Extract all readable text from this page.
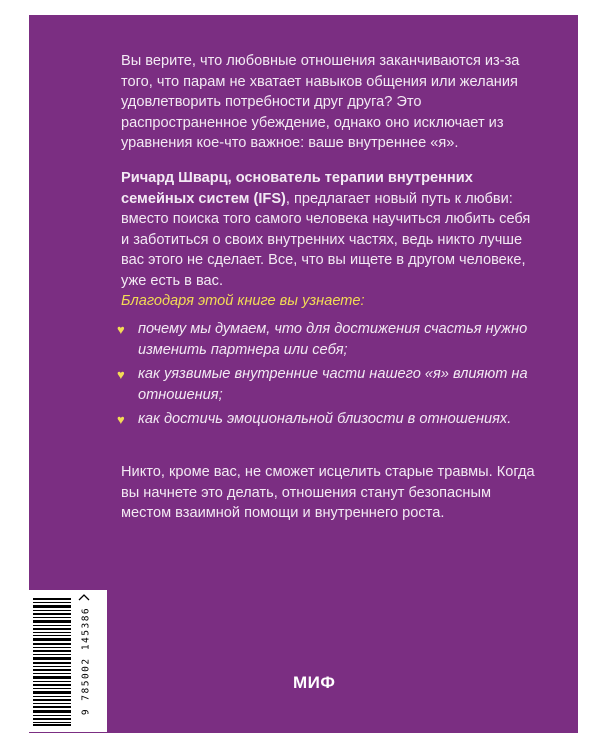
Вы верите, что любовные отношения заканчиваются из-за того, что парам не хватает навыков общения или желания удовлетворить потребности друг друга? Это распространенное убеждение, однако оно исключает из уравнения кое-что важное: ваше внутреннее «я».

Ричард Шварц, основатель терапии внутренних семейных систем (IFS), предлагает новый путь к любви: вместо поиска того самого человека научиться любить себя и заботиться о своих внутренних частях, ведь никто лучше вас этого не сделает. Все, что вы ищете в другом человеке, уже есть в вас.

Благодаря этой книге вы узнаете:

♥ почему мы думаем, что для достижения счастья нужно изменить партнера или себя;
♥ как уязвимые внутренние части нашего «я» влияют на отношения;
♥ как достичь эмоциональной близости в отношениях.

Никто, кроме вас, не сможет исцелить старые травмы. Когда вы начнете это делать, отношения станут безопасным местом взаимной помощи и внутреннего роста.

9 785002 145386	МИФ
